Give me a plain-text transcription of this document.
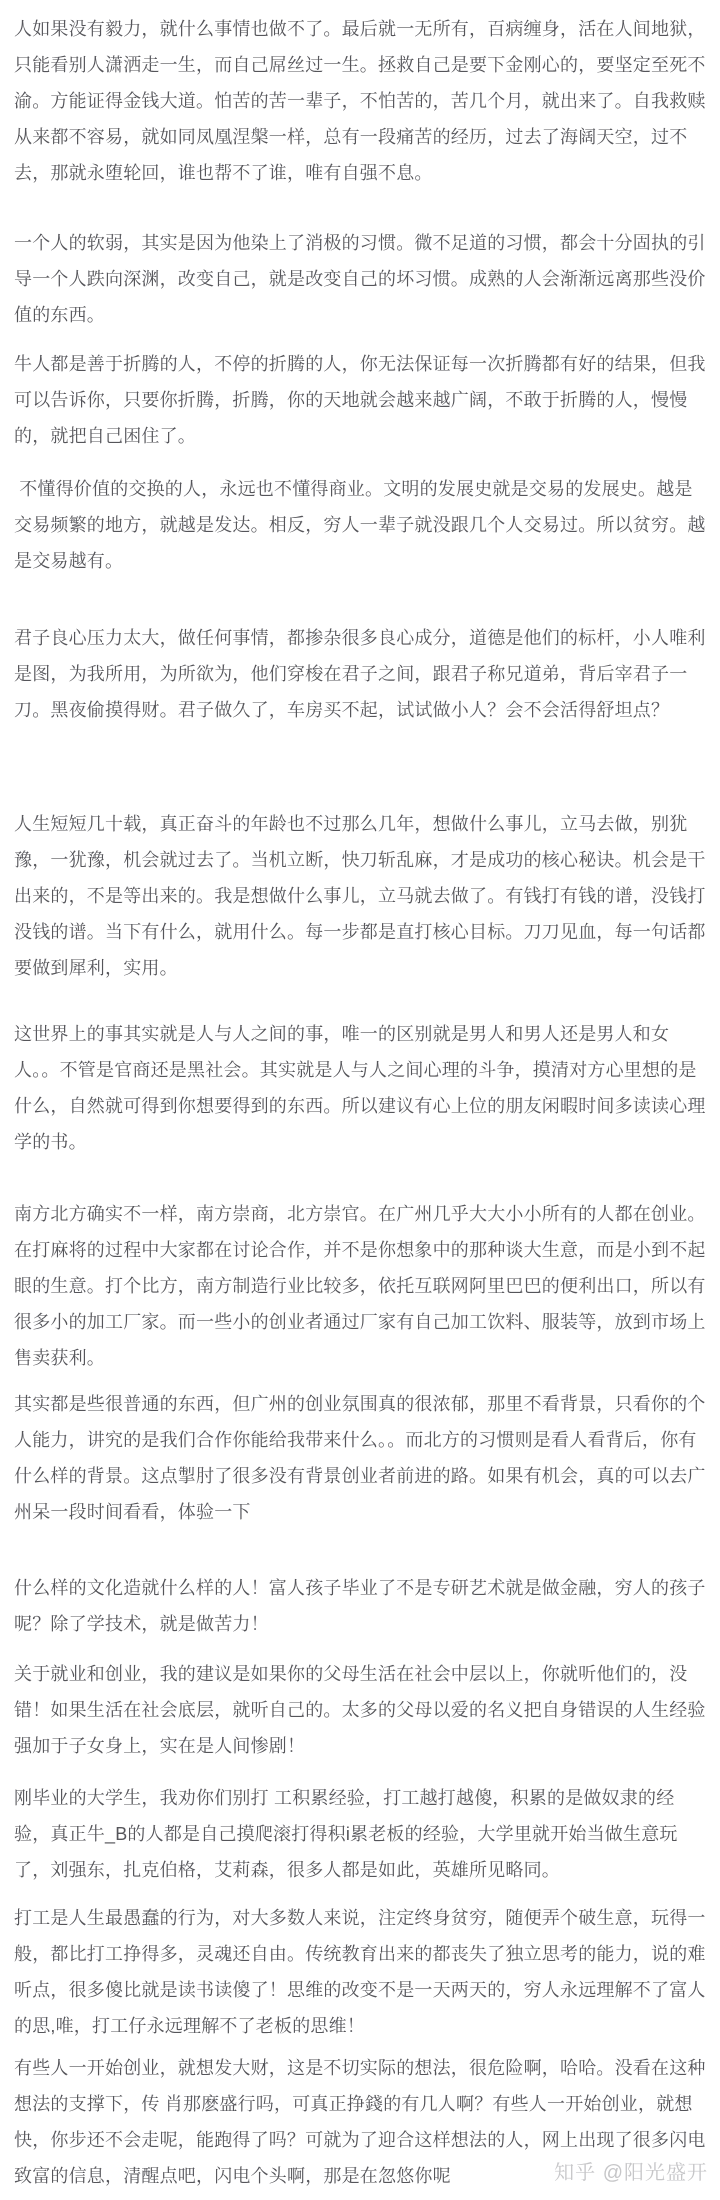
人如果没有毅力，就什么事情也做不了。最后就一无所有，百病缠身，活在人间地狱，只能看别人潇洒走一生，而自己屌丝过一生。拯救自己是要下金刚心的，要坚定至死不渝。方能证得金钱大道。怕苦的苦一辈子，不怕苦的，苦几个月，就出来了。自我救赎从来都不容易，就如同凤凰涅槃一样，总有一段痛苦的经历，过去了海阔天空，过不去，那就永堕轮回，谁也帮不了谁，唯有自强不息。

一个人的软弱，其实是因为他染上了消极的习惯。微不足道的习惯，都会十分固执的引导一个人跌向深渊，改变自己，就是改变自己的坏习惯。成熟的人会渐渐远离那些没价值的东西。

牛人都是善于折腾的人，不停的折腾的人，你无法保证每一次折腾都有好的结果，但我可以告诉你，只要你折腾，折腾，你的天地就会越来越广阔，不敢于折腾的人，慢慢的，就把自己困住了。

不懂得价值的交换的人，永远也不懂得商业。文明的发展史就是交易的发展史。越是交易频繁的地方，就越是发达。相反，穷人一辈子就没跟几个人交易过。所以贫穷。越是交易越有。

君子良心压力太大，做任何事情，都掺杂很多良心成分，道德是他们的标杆，小人唯利是图，为我所用，为所欲为，他们穿梭在君子之间，跟君子称兄道弟，背后宰君子一刀。黑夜偷摸得财。君子做久了，车房买不起，试试做小人？会不会活得舒坦点？

人生短短几十载，真正奋斗的年龄也不过那么几年，想做什么事儿，立马去做，别犹豫，一犹豫，机会就过去了。当机立断，快刀斩乱麻，才是成功的核心秘诀。机会是干出来的，不是等出来的。我是想做什么事儿，立马就去做了。有钱打有钱的谱，没钱打没钱的谱。当下有什么，就用什么。每一步都是直打核心目标。刀刀见血，每一句话都要做到犀利，实用。

这世界上的事其实就是人与人之间的事，唯一的区别就是男人和男人还是男人和女人。。不管是官商还是黑社会。其实就是人与人之间心理的斗争，摸清对方心里想的是什么，自然就可得到你想要得到的东西。所以建议有心上位的朋友闲暇时间多读读心理学的书。

南方北方确实不一样，南方崇商，北方崇官。在广州几乎大大小小所有的人都在创业。在打麻将的过程中大家都在讨论合作，并不是你想象中的那种谈大生意，而是小到不起眼的生意。打个比方，南方制造行业比较多，依托互联网阿里巴巴的便利出口，所以有很多小的加工厂家。而一些小的创业者通过厂家有自己加工饮料、服装等，放到市场上售卖获利。

其实都是些很普通的东西，但广州的创业氛围真的很浓郁，那里不看背景，只看你的个人能力，讲究的是我们合作你能给我带来什么。。而北方的习惯则是看人看背后，你有什么样的背景。这点掣肘了很多没有背景创业者前进的路。如果有机会，真的可以去广州呆一段时间看看，体验一下

什么样的文化造就什么样的人！富人孩子毕业了不是专研艺术就是做金融，穷人的孩子呢？除了学技术，就是做苦力！

关于就业和创业，我的建议是如果你的父母生活在社会中层以上，你就听他们的，没错！如果生活在社会底层，就听自己的。太多的父母以爱的名义把自身错误的人生经验强加于子女身上，实在是人间惨剧！

刚毕业的大学生，我劝你们别打 工积累经验，打工越打越傻，积累的是做奴隶的经验，真正牛_B的人都是自己摸爬滚打得积i累老板的经验，大学里就开始当做生意玩了，刘强东，扎克伯格，艾莉森，很多人都是如此，英雄所见略同。

打工是人生最愚蠢的行为，对大多数人来说，注定终身贫穷，随便弄个破生意，玩得一般，都比打工挣得多，灵魂还自由。传统教育出来的都丧失了独立思考的能力，说的难听点，很多傻比就是读书读傻了！思维的改变不是一天两天的，穷人永远理解不了富人的思,唯，打工仔永远理解不了老板的思维！

有些人一开始创业，就想发大财，这是不切实际的想法，很危险啊，哈哈。没看在这种想法的支撑下，传 肖那麽盛行吗，可真正挣錢的有几人啊？有些人一开始创业，就想快，你步还不会走呢，能跑得了吗？可就为了迎合这样想法的人，网上出现了很多闪电致富的信息，清醒点吧，闪电个头啊，那是在忽悠你呢	知乎 @阳光盛开
